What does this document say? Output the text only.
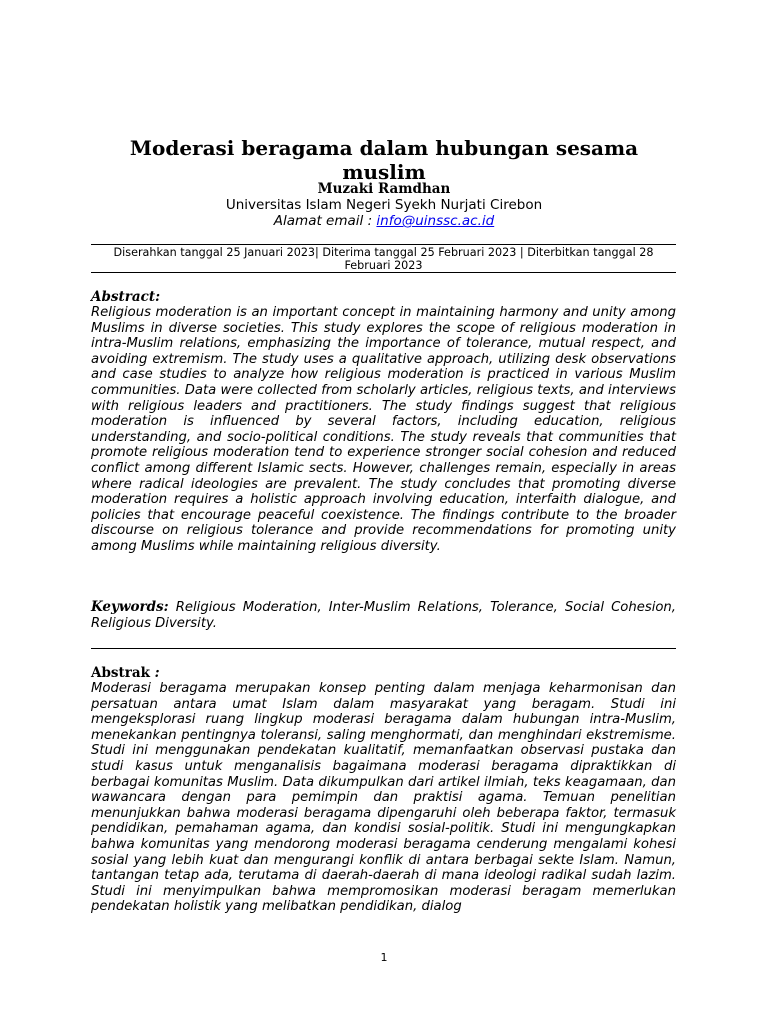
Moderasi beragama dalam hubungan sesama muslim
Muzaki Ramdhan
Universitas Islam Negeri Syekh Nurjati Cirebon
Alamat email : info@uinssc.ac.id
Diserahkan tanggal 25 Januari 2023| Diterima tanggal 25 Februari 2023 | Diterbitkan tanggal 28 Februari 2023
Abstract:
Religious moderation is an important concept in maintaining harmony and unity among Muslims in diverse societies. This study explores the scope of religious moderation in intra-Muslim relations, emphasizing the importance of tolerance, mutual respect, and avoiding extremism. The study uses a qualitative approach, utilizing desk observations and case studies to analyze how religious moderation is practiced in various Muslim communities. Data were collected from scholarly articles, religious texts, and interviews with religious leaders and practitioners. The study findings suggest that religious moderation is influenced by several factors, including education, religious understanding, and socio-political conditions. The study reveals that communities that promote religious moderation tend to experience stronger social cohesion and reduced conflict among different Islamic sects. However, challenges remain, especially in areas where radical ideologies are prevalent. The study concludes that promoting diverse moderation requires a holistic approach involving education, interfaith dialogue, and policies that encourage peaceful coexistence. The findings contribute to the broader discourse on religious tolerance and provide recommendations for promoting unity among Muslims while maintaining religious diversity.
Keywords: Religious Moderation, Inter-Muslim Relations, Tolerance, Social Cohesion, Religious Diversity.
Abstrak :
Moderasi beragama merupakan konsep penting dalam menjaga keharmonisan dan persatuan antara umat Islam dalam masyarakat yang beragam. Studi ini mengeksplorasi ruang lingkup moderasi beragama dalam hubungan intra-Muslim, menekankan pentingnya toleransi, saling menghormati, dan menghindari ekstremisme. Studi ini menggunakan pendekatan kualitatif, memanfaatkan observasi pustaka dan studi kasus untuk menganalisis bagaimana moderasi beragama dipraktikkan di berbagai komunitas Muslim. Data dikumpulkan dari artikel ilmiah, teks keagamaan, dan wawancara dengan para pemimpin dan praktisi agama. Temuan penelitian menunjukkan bahwa moderasi beragama dipengaruhi oleh beberapa faktor, termasuk pendidikan, pemahaman agama, dan kondisi sosial-politik. Studi ini mengungkapkan bahwa komunitas yang mendorong moderasi beragama cenderung mengalami kohesi sosial yang lebih kuat dan mengurangi konflik di antara berbagai sekte Islam. Namun, tantangan tetap ada, terutama di daerah-daerah di mana ideologi radikal sudah lazim. Studi ini menyimpulkan bahwa mempromosikan moderasi beragam memerlukan pendekatan holistik yang melibatkan pendidikan, dialog
1
